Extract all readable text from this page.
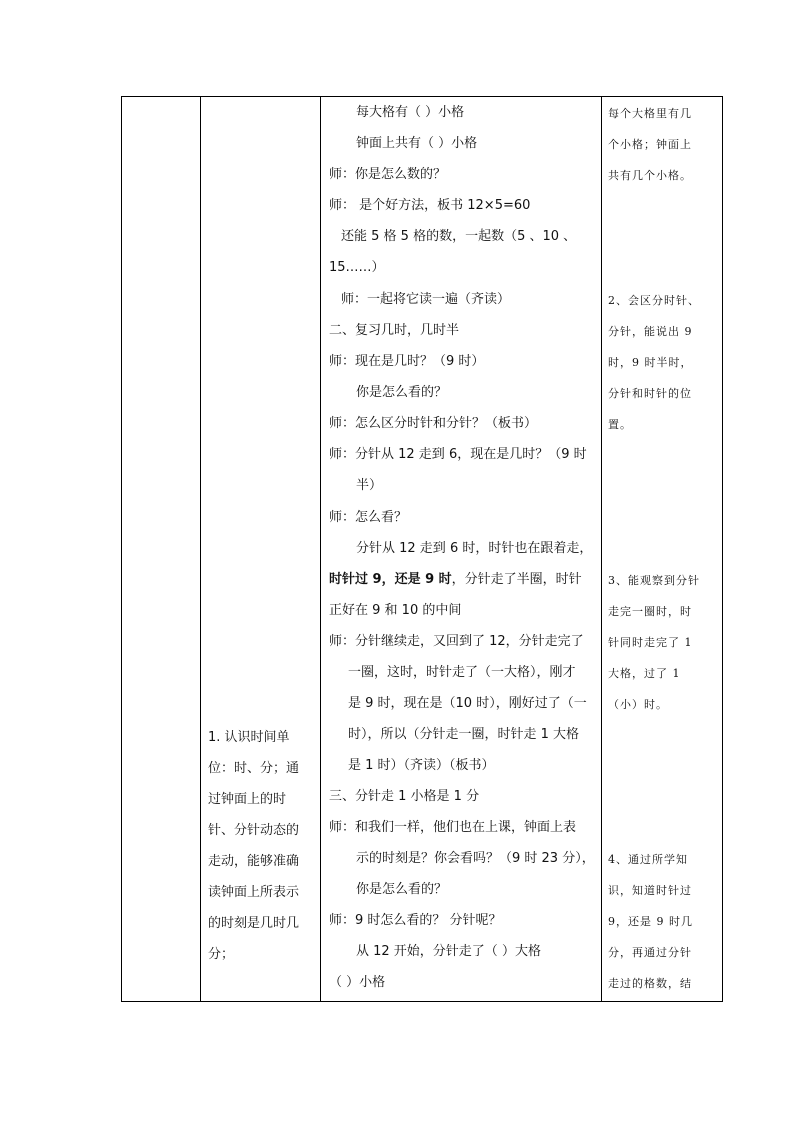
1. 认识时间单
位：时、分；通
过钟面上的时
针、分针动态的
走动，能够准确
读钟面上所表示
的时刻是几时几
分；
每大格有（ ）小格
钟面上共有（ ）小格
师：你是怎么数的？
师： 是个好方法，板书 12×5=60
还能 5 格 5 格的数，一起数（5 、10 、
15……）
师：一起将它读一遍（齐读）
二、复习几时，几时半
师：现在是几时？（9 时）
你是怎么看的？
师：怎么区分时针和分针？（板书）
师：分针从 12 走到 6，现在是几时？（9 时
半）
师：怎么看？
分针从 12 走到 6 时，时针也在跟着走，
时针过 9，还是 9 时，分针走了半圈，时针
正好在 9 和 10 的中间
师：分针继续走，又回到了 12，分针走完了
一圈，这时，时针走了（一大格），刚才
是 9 时，现在是（10 时），刚好过了（一
时），所以（分针走一圈，时针走 1 大格
是 1 时）（齐读）（板书）
三、分针走 1 小格是 1 分
师：和我们一样，他们也在上课，钟面上表
示的时刻是？你会看吗？（9 时 23 分），
你是怎么看的？
师：9 时怎么看的？ 分针呢？
从 12 开始，分针走了（ ）大格
（ ）小格
每个大格里有几
个小格；钟面上
共有几个小格。
2、会区分时针、
分针，能说出 9
时，9 时半时，
分针和时针的位
置。
3、能观察到分针
走完一圈时，时
针同时走完了 1
大格，过了 1
（小）时。
4、通过所学知
识，知道时针过
9，还是 9 时几
分，再通过分针
走过的格数，结
